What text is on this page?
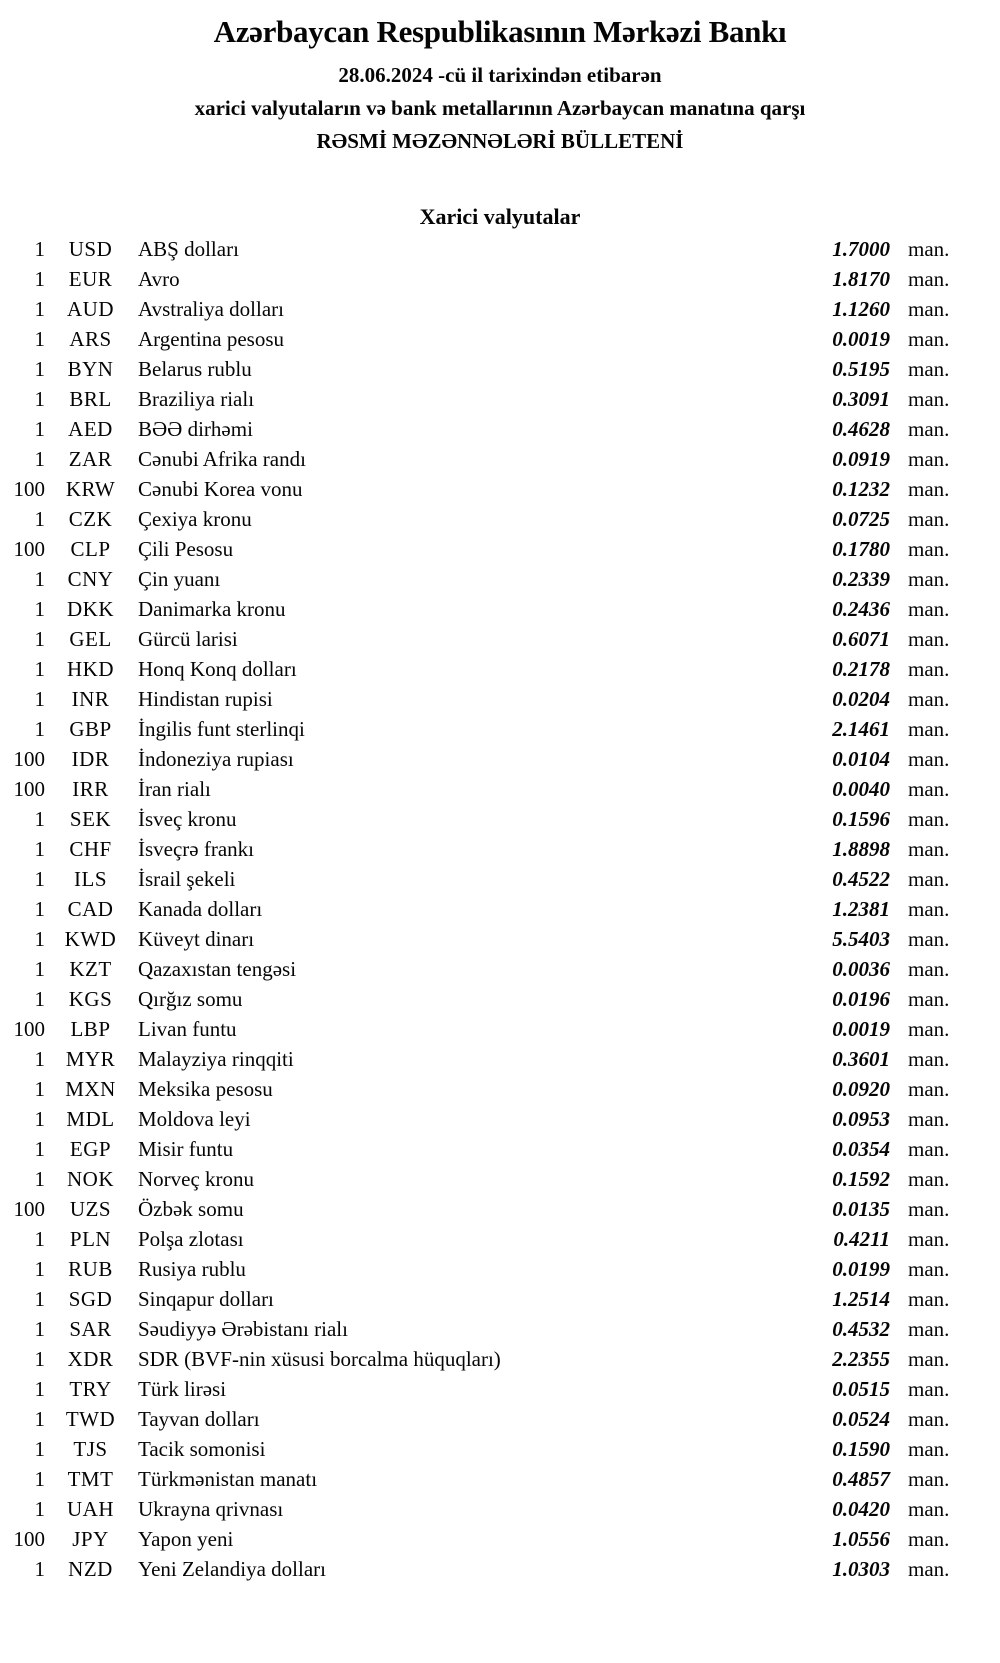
Azərbaycan Respublikasının Mərkəzi Bankı
28.06.2024 -cü il tarixindən etibarən
xarici valyutaların və bank metallarının Azərbaycan manatına qarşı
RƏSMİ MƏZƏNNƏLƏRİ BÜLLETENİ
Xarici valyutalar
1	USD	ABŞ dolları	1.7000 man.
1	EUR	Avro	1.8170 man.
1	AUD	Avstraliya dolları	1.1260 man.
1	ARS	Argentina pesosu	0.0019 man.
1	BYN	Belarus rublu	0.5195 man.
1	BRL	Braziliya rialı	0.3091 man.
1	AED	BƏƏ dirhəmi	0.4628 man.
1	ZAR	Cənubi Afrika randı	0.0919 man.
100 KRW	Cənubi Korea vonu	0.1232 man.
1	CZK	Çexiya kronu	0.0725 man.
100	CLP	Çili Pesosu	0.1780 man.
1	CNY	Çin yuanı	0.2339 man.
1	DKK	Danimarka kronu	0.2436 man.
1	GEL	Gürcü larisi	0.6071 man.
1	HKD	Honq Konq dolları	0.2178 man.
1	INR	Hindistan rupisi	0.0204 man.
1	GBP	İngilis funt sterlinqi	2.1461 man.
100	IDR	İndoneziya rupiası	0.0104 man.
100	IRR	İran rialı	0.0040 man.
1	SEK	İsveç kronu	0.1596 man.
1	CHF	İsveçrə frankı	1.8898 man.
1	ILS	İsrail şekeli	0.4522 man.
1	CAD	Kanada dolları	1.2381 man.
1 KWD	Küveyt dinarı	5.5403 man.
1	KZT	Qazaxıstan tengəsi	0.0036 man.
1	KGS	Qırğız somu	0.0196 man.
100	LBP	Livan funtu	0.0019 man.
1 MYR	Malayziya rinqqiti	0.3601 man.
1 MXN	Meksika pesosu	0.0920 man.
1	MDL	Moldova leyi	0.0953 man.
1	EGP	Misir funtu	0.0354 man.
1	NOK	Norveç kronu	0.1592 man.
100	UZS	Özbək somu	0.0135 man.
1	PLN	Polşa zlotası	0.4211 man.
1	RUB	Rusiya rublu	0.0199 man.
1	SGD	Sinqapur dolları	1.2514 man.
1	SAR	Səudiyyə Ərəbistanı rialı	0.4532 man.
1	XDR	SDR (BVF-nin xüsusi borcalma hüquqları)	2.2355 man.
1	TRY	Türk lirəsi	0.0515 man.
1 TWD	Tayvan dolları	0.0524 man.
1	TJS	Tacik somonisi	0.1590 man.
1	TMT	Türkmənistan manatı	0.4857 man.
1	UAH	Ukrayna qrivnası	0.0420 man.
100	JPY	Yapon yeni	1.0556 man.
1	NZD	Yeni Zelandiya dolları	1.0303 man.
